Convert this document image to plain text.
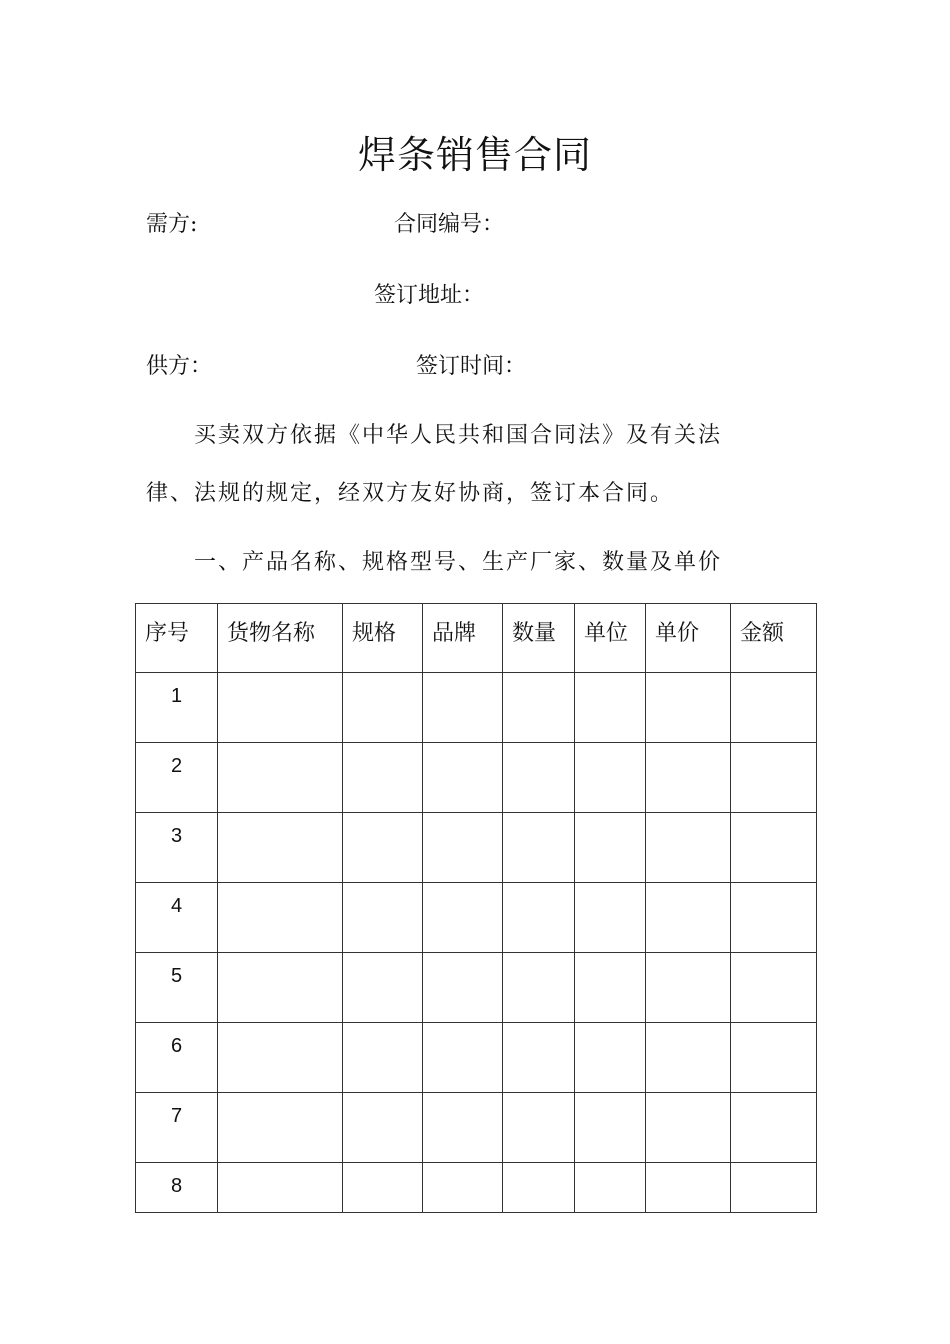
焊条销售合同
需方:	合同编号：
签订地址：
供方：	签订时间：
买卖双方依据《中华人民共和国合同法》及有关法
律、法规的规定，经双方友好协商，签订本合同。
一、产品名称、规格型号、生产厂家、数量及单价
序号	货物名称	规格	品牌	数量	单位	单价	金额
1							
2							
3							
4							
5							
6							
7							
8							
